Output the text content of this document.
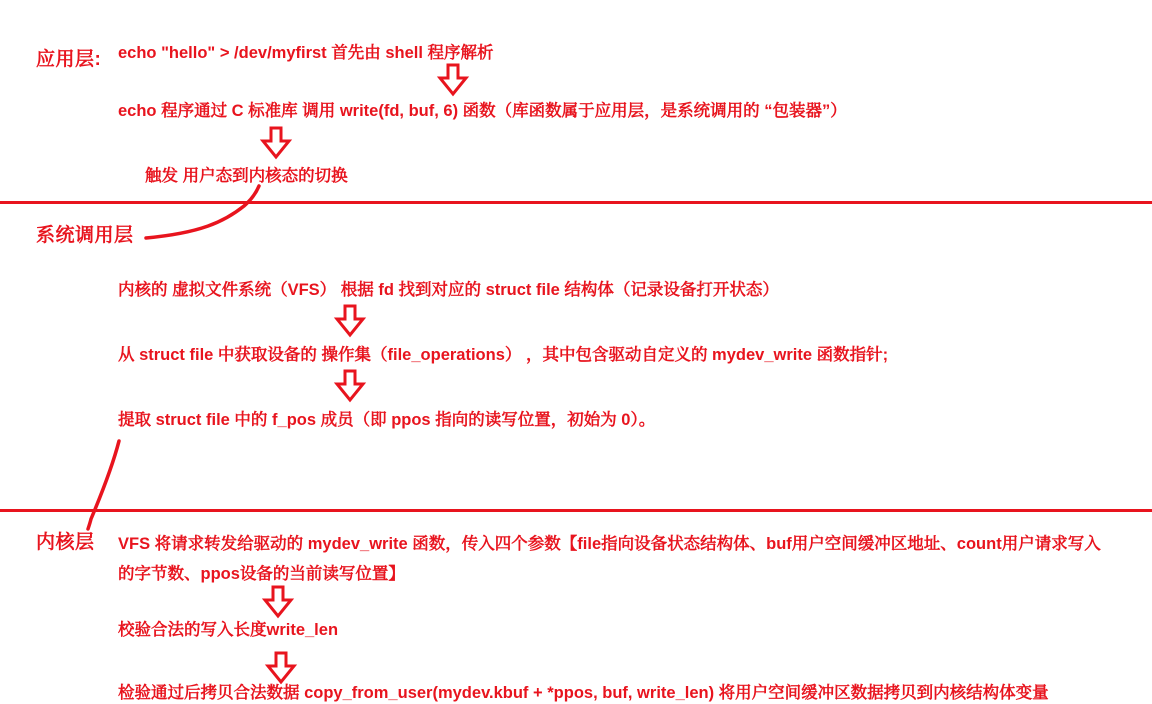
应用层: echo "hello" > /dev/myfirst 首先由 shell 程序解析
echo 程序通过 C 标准库 调用 write(fd, buf, 6) 函数（库函数属于应用层，是系统调用的 “包装器”）
触发 用户态到内核态的切换
系统调用层
内核的 虚拟文件系统（VFS） 根据 fd 找到对应的 struct file 结构体（记录设备打开状态）
从 struct file 中获取设备的 操作集（file_operations） ，其中包含驱动自定义的 mydev_write 函数指针;
提取 struct file 中的 f_pos 成员（即 ppos 指向的读写位置，初始为 0）。
内核层 VFS 将请求转发给驱动的 mydev_write 函数，传入四个参数【file指向设备状态结构体、buf用户空间缓冲区地址、count用户请求写入的字节数、ppos设备的当前读写位置】
校验合法的写入长度write_len
检验通过后拷贝合法数据 copy_from_user(mydev.kbuf + *ppos, buf, write_len) 将用户空间缓冲区数据拷贝到内核结构体变量
